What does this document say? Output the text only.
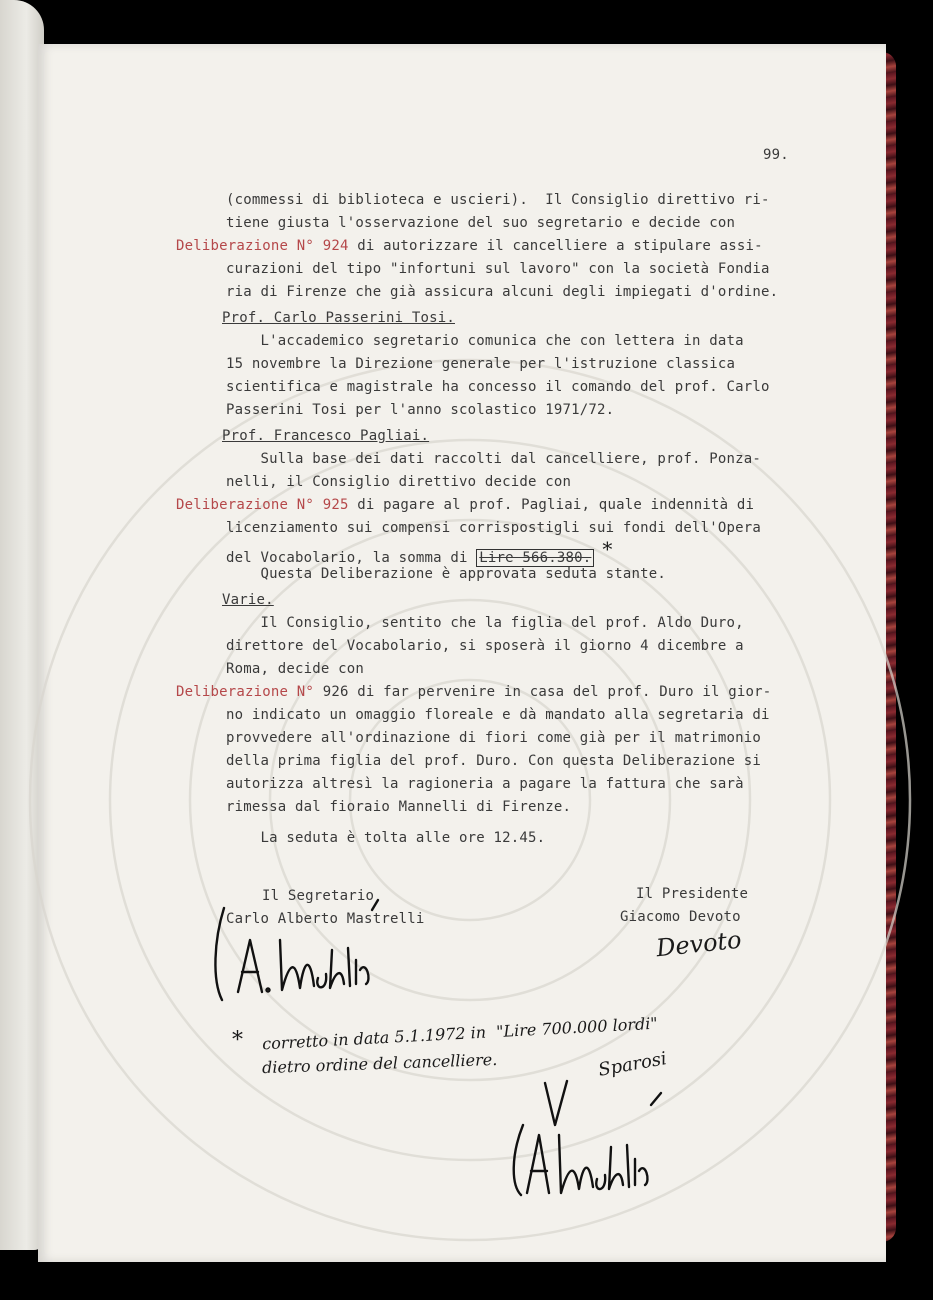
99.
(commessi di biblioteca e uscieri).  Il Consiglio direttivo ri-
tiene giusta l'osservazione del suo segretario e decide con
Deliberazione N° 924 di autorizzare il cancelliere a stipulare assi-
curazioni del tipo "infortuni sul lavoro" con la società Fondia
ria di Firenze che già assicura alcuni degli impiegati d'ordine.
Prof. Carlo Passerini Tosi.
L'accademico segretario comunica che con lettera in data
15 novembre la Direzione generale per l'istruzione classica
scientifica e magistrale ha concesso il comando del prof. Carlo
Passerini Tosi per l'anno scolastico 1971/72.
Prof. Francesco Pagliai.
Sulla base dei dati raccolti dal cancelliere, prof. Ponza-
nelli, il Consiglio direttivo decide con
Deliberazione N° 925 di pagare al prof. Pagliai, quale indennità di
licenziamento sui compensi corrispostigli sui fondi dell'Opera
del Vocabolario, la somma di Lire 566.380. *
Questa Deliberazione è approvata seduta stante.
Varie.
Il Consiglio, sentito che la figlia del prof. Aldo Duro,
direttore del Vocabolario, si sposerà il giorno 4 dicembre a
Roma, decide con
Deliberazione N° 926 di far pervenire in casa del prof. Duro il gior-
no indicato un omaggio floreale e dà mandato alla segretaria di
provvedere all'ordinazione di fiori come già per il matrimonio
della prima figlia del prof. Duro. Con questa Deliberazione si
autorizza altresì la ragioneria a pagare la fattura che sarà
rimessa dal fioraio Mannelli di Firenze.
La seduta è tolta alle ore 12.45.
Il Segretario
Carlo Alberto Mastrelli
Il Presidente
Giacomo Devoto
Devoto
* corretto in data 5.1.1972 in  "Lire 700.000 lordi"
dietro ordine del cancelliere.	Sparosi
